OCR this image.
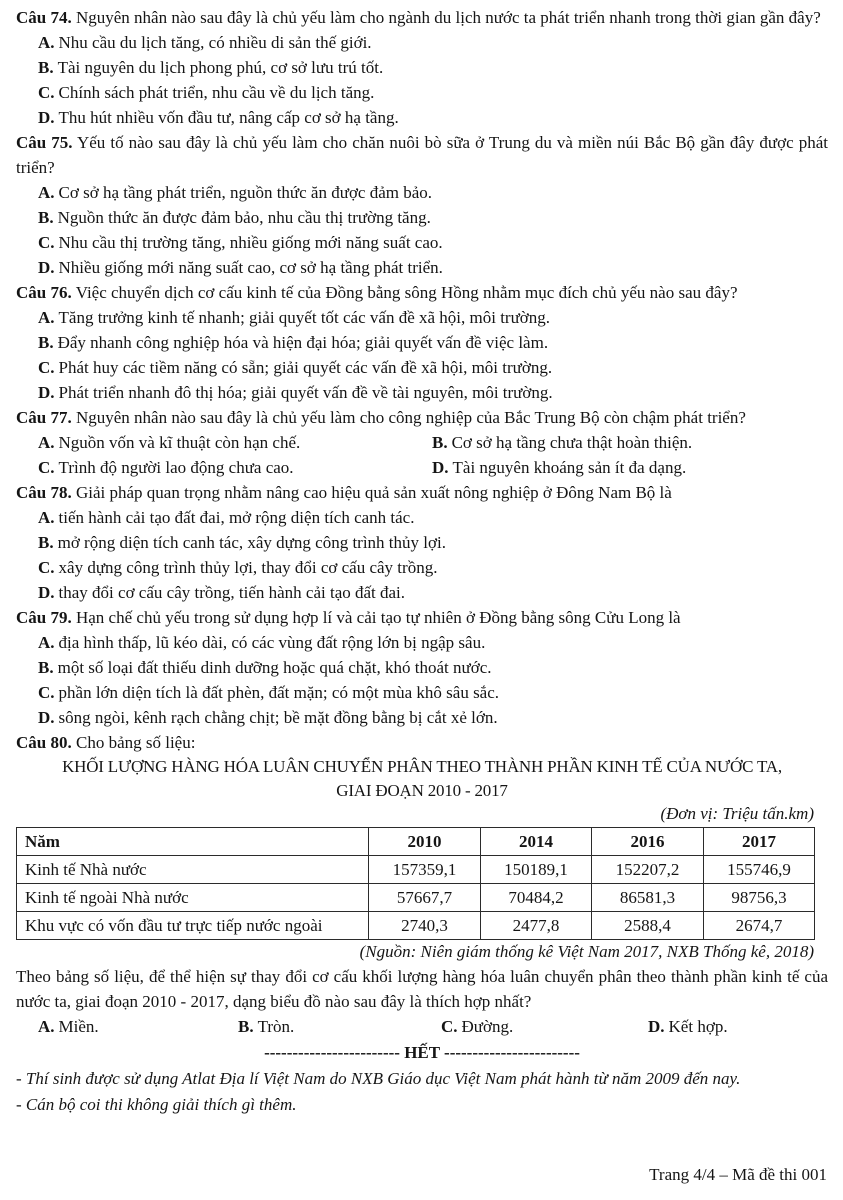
Câu 74. Nguyên nhân nào sau đây là chủ yếu làm cho ngành du lịch nước ta phát triển nhanh trong thời gian gần đây?

A. Nhu cầu du lịch tăng, có nhiều di sản thế giới.
B. Tài nguyên du lịch phong phú, cơ sở lưu trú tốt.
C. Chính sách phát triển, nhu cầu về du lịch tăng.
D. Thu hút nhiều vốn đầu tư, nâng cấp cơ sở hạ tầng.

Câu 75. Yếu tố nào sau đây là chủ yếu làm cho chăn nuôi bò sữa ở Trung du và miền núi Bắc Bộ gần đây được phát triển?

A. Cơ sở hạ tầng phát triển, nguồn thức ăn được đảm bảo.
B. Nguồn thức ăn được đảm bảo, nhu cầu thị trường tăng.
C. Nhu cầu thị trường tăng, nhiều giống mới năng suất cao.
D. Nhiều giống mới năng suất cao, cơ sở hạ tầng phát triển.

Câu 76. Việc chuyển dịch cơ cấu kinh tế của Đồng bằng sông Hồng nhằm mục đích chủ yếu nào sau đây?

A. Tăng trưởng kinh tế nhanh; giải quyết tốt các vấn đề xã hội, môi trường.
B. Đẩy nhanh công nghiệp hóa và hiện đại hóa; giải quyết vấn đề việc làm.
C. Phát huy các tiềm năng có sẵn; giải quyết các vấn đề xã hội, môi trường.
D. Phát triển nhanh đô thị hóa; giải quyết vấn đề về tài nguyên, môi trường.

Câu 77. Nguyên nhân nào sau đây là chủ yếu làm cho công nghiệp của Bắc Trung Bộ còn chậm phát triển?

A. Nguồn vốn và kĩ thuật còn hạn chế.	B. Cơ sở hạ tầng chưa thật hoàn thiện.
C. Trình độ người lao động chưa cao.	D. Tài nguyên khoáng sản ít đa dạng.

Câu 78. Giải pháp quan trọng nhằm nâng cao hiệu quả sản xuất nông nghiệp ở Đông Nam Bộ là

A. tiến hành cải tạo đất đai, mở rộng diện tích canh tác.
B. mở rộng diện tích canh tác, xây dựng công trình thủy lợi.
C. xây dựng công trình thủy lợi, thay đổi cơ cấu cây trồng.
D. thay đổi cơ cấu cây trồng, tiến hành cải tạo đất đai.

Câu 79. Hạn chế chủ yếu trong sử dụng hợp lí và cải tạo tự nhiên ở Đồng bằng sông Cửu Long là

A. địa hình thấp, lũ kéo dài, có các vùng đất rộng lớn bị ngập sâu.
B. một số loại đất thiếu dinh dưỡng hoặc quá chặt, khó thoát nước.
C. phần lớn diện tích là đất phèn, đất mặn; có một mùa khô sâu sắc.
D. sông ngòi, kênh rạch chằng chịt; bề mặt đồng bằng bị cắt xẻ lớn.

Câu 80. Cho bảng số liệu:

KHỐI LƯỢNG HÀNG HÓA LUÂN CHUYỂN PHÂN THEO THÀNH PHẦN KINH TẾ CỦA NƯỚC TA,
GIAI ĐOẠN 2010 - 2017
(Đơn vị: Triệu tấn.km)
Năm	2010	2014	2016	2017
Kinh tế Nhà nước	157359,1	150189,1	152207,2	155746,9
Kinh tế ngoài Nhà nước	57667,7	70484,2	86581,3	98756,3
Khu vực có vốn đầu tư trực tiếp nước ngoài	2740,3	2477,8	2588,4	2674,7
(Nguồn: Niên giám thống kê Việt Nam 2017, NXB Thống kê, 2018)

Theo bảng số liệu, để thể hiện sự thay đổi cơ cấu khối lượng hàng hóa luân chuyển phân theo thành phần kinh tế của nước ta, giai đoạn 2010 - 2017, dạng biểu đồ nào sau đây là thích hợp nhất?

A. Miền.	B. Tròn.	C. Đường.	D. Kết hợp.
------------------------ HẾT ------------------------
- Thí sinh được sử dụng Atlat Địa lí Việt Nam do NXB Giáo dục Việt Nam phát hành từ năm 2009 đến nay.
- Cán bộ coi thi không giải thích gì thêm.
Trang 4/4 – Mã đề thi 001
